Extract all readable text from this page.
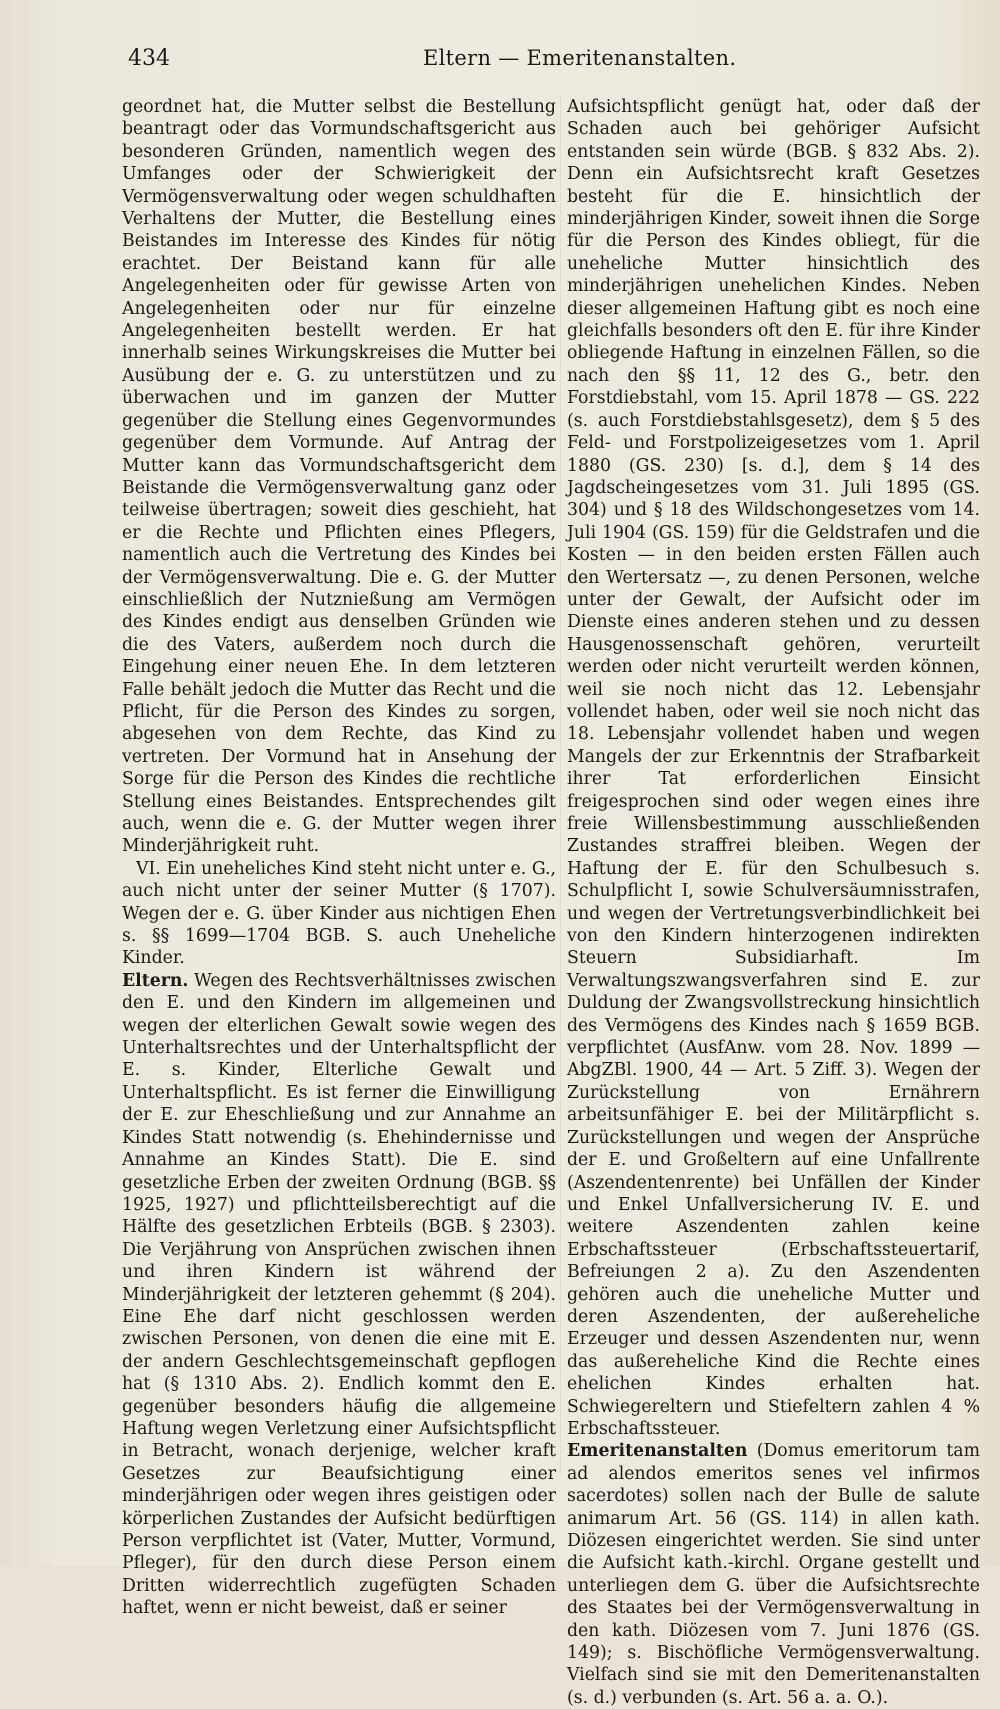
434	Eltern — Emeritenanstalten.

geordnet hat, die Mutter selbst die Bestellung beantragt oder das Vormundschaftsgericht aus besonderen Gründen, namentlich wegen des Umfanges oder der Schwierigkeit der Vermögensverwaltung oder wegen schuldhaften Verhaltens der Mutter, die Bestellung eines Beistandes im Interesse des Kindes für nötig erachtet. Der Beistand kann für alle Angelegenheiten oder für gewisse Arten von Angelegenheiten oder nur für einzelne Angelegenheiten bestellt werden. Er hat innerhalb seines Wirkungskreises die Mutter bei Ausübung der e. G. zu unterstützen und zu überwachen und im ganzen der Mutter gegenüber die Stellung eines Gegenvormundes gegenüber dem Vormunde. Auf Antrag der Mutter kann das Vormundschaftsgericht dem Beistande die Vermögensverwaltung ganz oder teilweise übertragen; soweit dies geschieht, hat er die Rechte und Pflichten eines Pflegers, namentlich auch die Vertretung des Kindes bei der Vermögensverwaltung. Die e. G. der Mutter einschließlich der Nutznießung am Vermögen des Kindes endigt aus denselben Gründen wie die des Vaters, außerdem noch durch die Eingehung einer neuen Ehe. In dem letzteren Falle behält jedoch die Mutter das Recht und die Pflicht, für die Person des Kindes zu sorgen, abgesehen von dem Rechte, das Kind zu vertreten. Der Vormund hat in Ansehung der Sorge für die Person des Kindes die rechtliche Stellung eines Beistandes. Entsprechendes gilt auch, wenn die e. G. der Mutter wegen ihrer Minderjährigkeit ruht.

VI. Ein uneheliches Kind steht nicht unter e. G., auch nicht unter der seiner Mutter (§ 1707). Wegen der e. G. über Kinder aus nichtigen Ehen s. §§ 1699—1704 BGB. S. auch Uneheliche Kinder.

Eltern. Wegen des Rechtsverhältnisses zwischen den E. und den Kindern im allgemeinen und wegen der elterlichen Gewalt sowie wegen des Unterhaltsrechtes und der Unterhaltspflicht der E. s. Kinder, Elterliche Gewalt und Unterhaltspflicht. Es ist ferner die Einwilligung der E. zur Eheschließung und zur Annahme an Kindes Statt notwendig (s. Ehehindernisse und Annahme an Kindes Statt). Die E. sind gesetzliche Erben der zweiten Ordnung (BGB. §§ 1925, 1927) und pflichtteilsberechtigt auf die Hälfte des gesetzlichen Erbteils (BGB. § 2303). Die Verjährung von Ansprüchen zwischen ihnen und ihren Kindern ist während der Minderjährigkeit der letzteren gehemmt (§ 204). Eine Ehe darf nicht geschlossen werden zwischen Personen, von denen die eine mit E. der andern Geschlechtsgemeinschaft gepflogen hat (§ 1310 Abs. 2). Endlich kommt den E. gegenüber besonders häufig die allgemeine Haftung wegen Verletzung einer Aufsichtspflicht in Betracht, wonach derjenige, welcher kraft Gesetzes zur Beaufsichtigung einer minderjährigen oder wegen ihres geistigen oder körperlichen Zustandes der Aufsicht bedürftigen Person verpflichtet ist (Vater, Mutter, Vormund, Pfleger), für den durch diese Person einem Dritten widerrechtlich zugefügten Schaden haftet, wenn er nicht beweist, daß er seiner

Aufsichtspflicht genügt hat, oder daß der Schaden auch bei gehöriger Aufsicht entstanden sein würde (BGB. § 832 Abs. 2). Denn ein Aufsichtsrecht kraft Gesetzes besteht für die E. hinsichtlich der minderjährigen Kinder, soweit ihnen die Sorge für die Person des Kindes obliegt, für die uneheliche Mutter hinsichtlich des minderjährigen unehelichen Kindes. Neben dieser allgemeinen Haftung gibt es noch eine gleichfalls besonders oft den E. für ihre Kinder obliegende Haftung in einzelnen Fällen, so die nach den §§ 11, 12 des G., betr. den Forstdiebstahl, vom 15. April 1878 — GS. 222 (s. auch Forstdiebstahlsgesetz), dem § 5 des Feld- und Forstpolizeigesetzes vom 1. April 1880 (GS. 230) [s. d.], dem § 14 des Jagdscheingesetzes vom 31. Juli 1895 (GS. 304) und § 18 des Wildschongesetzes vom 14. Juli 1904 (GS. 159) für die Geldstrafen und die Kosten — in den beiden ersten Fällen auch den Wertersatz —, zu denen Personen, welche unter der Gewalt, der Aufsicht oder im Dienste eines anderen stehen und zu dessen Hausgenossenschaft gehören, verurteilt werden oder nicht verurteilt werden können, weil sie noch nicht das 12. Lebensjahr vollendet haben, oder weil sie noch nicht das 18. Lebensjahr vollendet haben und wegen Mangels der zur Erkenntnis der Strafbarkeit ihrer Tat erforderlichen Einsicht freigesprochen sind oder wegen eines ihre freie Willensbestimmung ausschließenden Zustandes straffrei bleiben. Wegen der Haftung der E. für den Schulbesuch s. Schulpflicht I, sowie Schulversäumnisstrafen, und wegen der Vertretungsverbindlichkeit bei von den Kindern hinterzogenen indirekten Steuern Subsidiarhaft. Im Verwaltungszwangsverfahren sind E. zur Duldung der Zwangsvollstreckung hinsichtlich des Vermögens des Kindes nach § 1659 BGB. verpflichtet (AusfAnw. vom 28. Nov. 1899 — AbgZBl. 1900, 44 — Art. 5 Ziff. 3). Wegen der Zurückstellung von Ernährern arbeitsunfähiger E. bei der Militärpflicht s. Zurückstellungen und wegen der Ansprüche der E. und Großeltern auf eine Unfallrente (Aszendentenrente) bei Unfällen der Kinder und Enkel Unfallversicherung IV. E. und weitere Aszendenten zahlen keine Erbschaftssteuer (Erbschaftssteuertarif, Befreiungen 2 a). Zu den Aszendenten gehören auch die uneheliche Mutter und deren Aszendenten, der außereheliche Erzeuger und dessen Aszendenten nur, wenn das außereheliche Kind die Rechte eines ehelichen Kindes erhalten hat. Schwiegereltern und Stiefeltern zahlen 4 % Erbschaftssteuer.

Emeritenanstalten (Domus emeritorum tam ad alendos emeritos senes vel infirmos sacerdotes) sollen nach der Bulle de salute animarum Art. 56 (GS. 114) in allen kath. Diözesen eingerichtet werden. Sie sind unter die Aufsicht kath.-kirchl. Organe gestellt und unterliegen dem G. über die Aufsichtsrechte des Staates bei der Vermögensverwaltung in den kath. Diözesen vom 7. Juni 1876 (GS. 149); s. Bischöfliche Vermögensverwaltung. Vielfach sind sie mit den Demeritenanstalten (s. d.) verbunden (s. Art. 56 a. a. O.).
